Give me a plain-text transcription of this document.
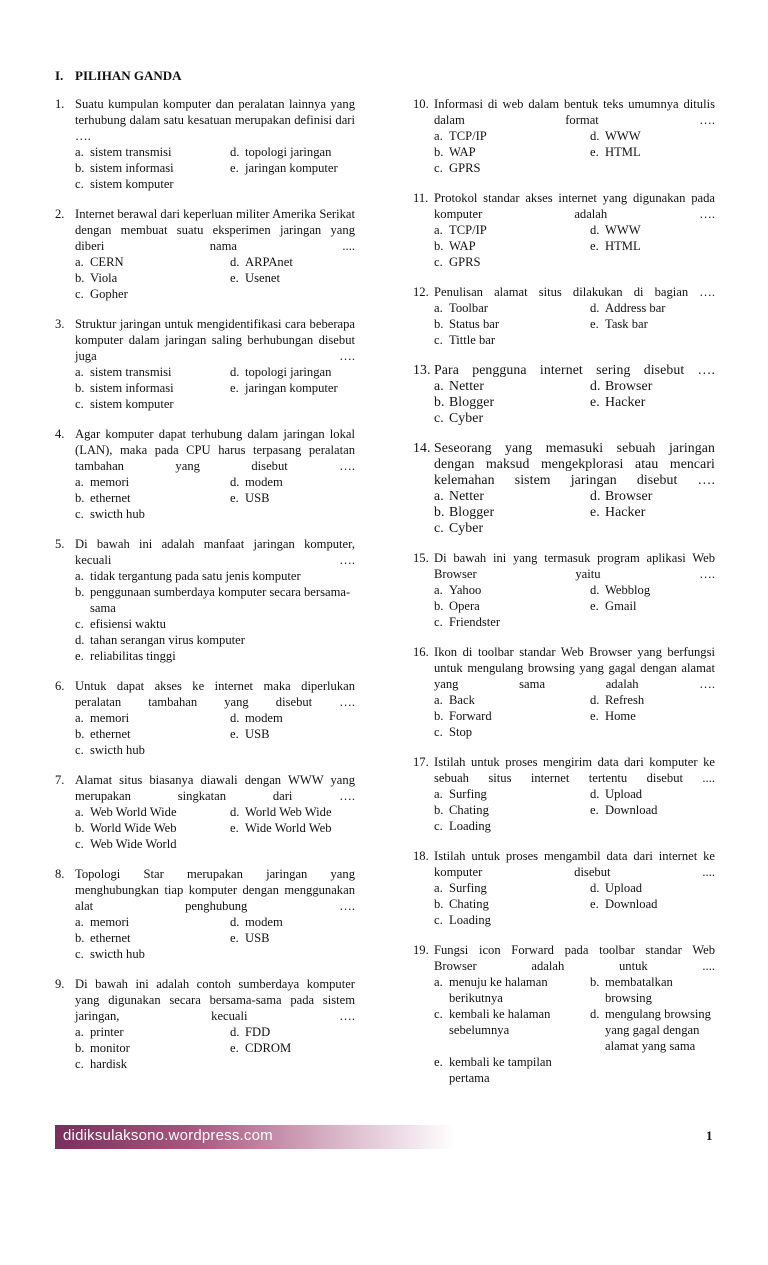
I. PILIHAN GANDA
1. Suatu kumpulan komputer dan peralatan lainnya yang terhubung dalam satu kesatuan merupakan definisi dari ….
a. sistem transmisi	d. topologi jaringan
b. sistem informasi	e. jaringan komputer
c. sistem komputer
2. Internet berawal dari keperluan militer Amerika Serikat dengan membuat suatu eksperimen jaringan yang diberi nama ....
a. CERN	d. ARPAnet
b. Viola	e. Usenet
c. Gopher
3. Struktur jaringan untuk mengidentifikasi cara beberapa komputer dalam jaringan saling berhubungan disebut juga ….
a. sistem transmisi	d. topologi jaringan
b. sistem informasi	e. jaringan komputer
c. sistem komputer
4. Agar komputer dapat terhubung dalam jaringan lokal (LAN), maka pada CPU harus terpasang peralatan tambahan yang disebut ….
a. memori	d. modem
b. ethernet	e. USB
c. swicth hub
5. Di bawah ini adalah manfaat jaringan komputer, kecuali ….
a. tidak tergantung pada satu jenis komputer
b. penggunaan sumberdaya komputer secara bersama-sama
c. efisiensi waktu
d. tahan serangan virus komputer
e. reliabilitas tinggi
6. Untuk dapat akses ke internet maka diperlukan peralatan tambahan yang disebut ….
a. memori	d. modem
b. ethernet	e. USB
c. swicth hub
7. Alamat situs biasanya diawali dengan WWW yang merupakan singkatan dari ….
a. Web World Wide	d. World Web Wide
b. World Wide Web	e. Wide World Web
c. Web Wide World
8. Topologi Star merupakan jaringan yang menghubungkan tiap komputer dengan menggunakan alat penghubung ….
a. memori	d. modem
b. ethernet	e. USB
c. swicth hub
9. Di bawah ini adalah contoh sumberdaya komputer yang digunakan secara bersama-sama pada sistem jaringan, kecuali ….
a. printer	d. FDD
b. monitor	e. CDROM
c. hardisk
10. Informasi di web dalam bentuk teks umumnya ditulis dalam format ….
a. TCP/IP	d. WWW
b. WAP	e. HTML
c. GPRS
11. Protokol standar akses internet yang digunakan pada komputer adalah ….
a. TCP/IP	d. WWW
b. WAP	e. HTML
c. GPRS
12. Penulisan alamat situs dilakukan di bagian ….
a. Toolbar	d. Address bar
b. Status bar	e. Task bar
c. Tittle bar
13. Para pengguna internet sering disebut ….
a. Netter	d. Browser
b. Blogger	e. Hacker
c. Cyber
14. Seseorang yang memasuki sebuah jaringan dengan maksud mengekplorasi atau mencari kelemahan sistem jaringan disebut ….
a. Netter	d. Browser
b. Blogger	e. Hacker
c. Cyber
15. Di bawah ini yang termasuk program aplikasi Web Browser yaitu ….
a. Yahoo	d. Webblog
b. Opera	e. Gmail
c. Friendster
16. Ikon di toolbar standar Web Browser yang berfungsi untuk mengulang browsing yang gagal dengan alamat yang sama adalah ….
a. Back	d. Refresh
b. Forward	e. Home
c. Stop
17. Istilah untuk proses mengirim data dari komputer ke sebuah situs internet tertentu disebut ....
a. Surfing	d. Upload
b. Chating	e. Download
c. Loading
18. Istilah untuk proses mengambil data dari internet ke komputer disebut ....
a. Surfing	d. Upload
b. Chating	e. Download
c. Loading
19. Fungsi icon Forward pada toolbar standar Web Browser adalah untuk ....
a. menuju ke halaman berikutnya
b. membatalkan browsing
c. kembali ke halaman sebelumnya
d. mengulang browsing yang gagal dengan alamat yang sama
e. kembali ke tampilan pertama
didiksulaksono.wordpress.com	1
